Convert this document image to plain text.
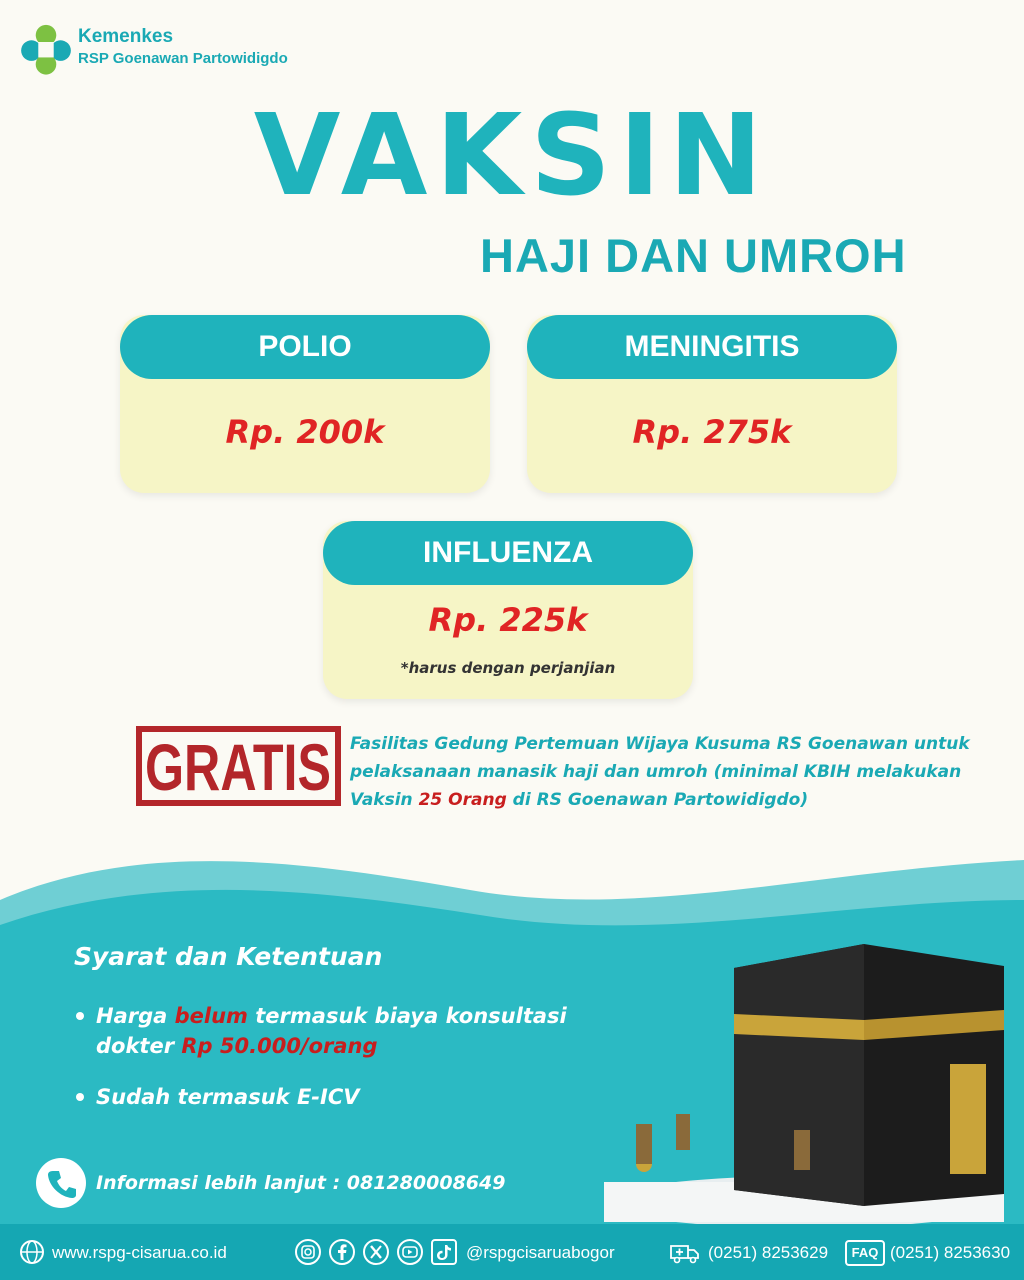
Kemenkes
RSP Goenawan Partowidigdo
VAKSIN
HAJI DAN UMROH
POLIO
Rp. 200k
MENINGITIS
Rp. 275k
INFLUENZA
Rp. 225k
*harus dengan perjanjian
GRATIS Fasilitas Gedung Pertemuan Wijaya Kusuma RS Goenawan untuk pelaksanaan manasik haji dan umroh (minimal KBIH melakukan Vaksin 25 Orang di RS Goenawan Partowidigdo)
Syarat dan Ketentuan
Harga belum termasuk biaya konsultasi
dokter Rp 50.000/orang
Sudah termasuk E-ICV
Informasi lebih lanjut : 081280008649
www.rspg-cisarua.co.id	@rspgcisaruabogor	(0251) 8253629	FAQ (0251) 8253630
